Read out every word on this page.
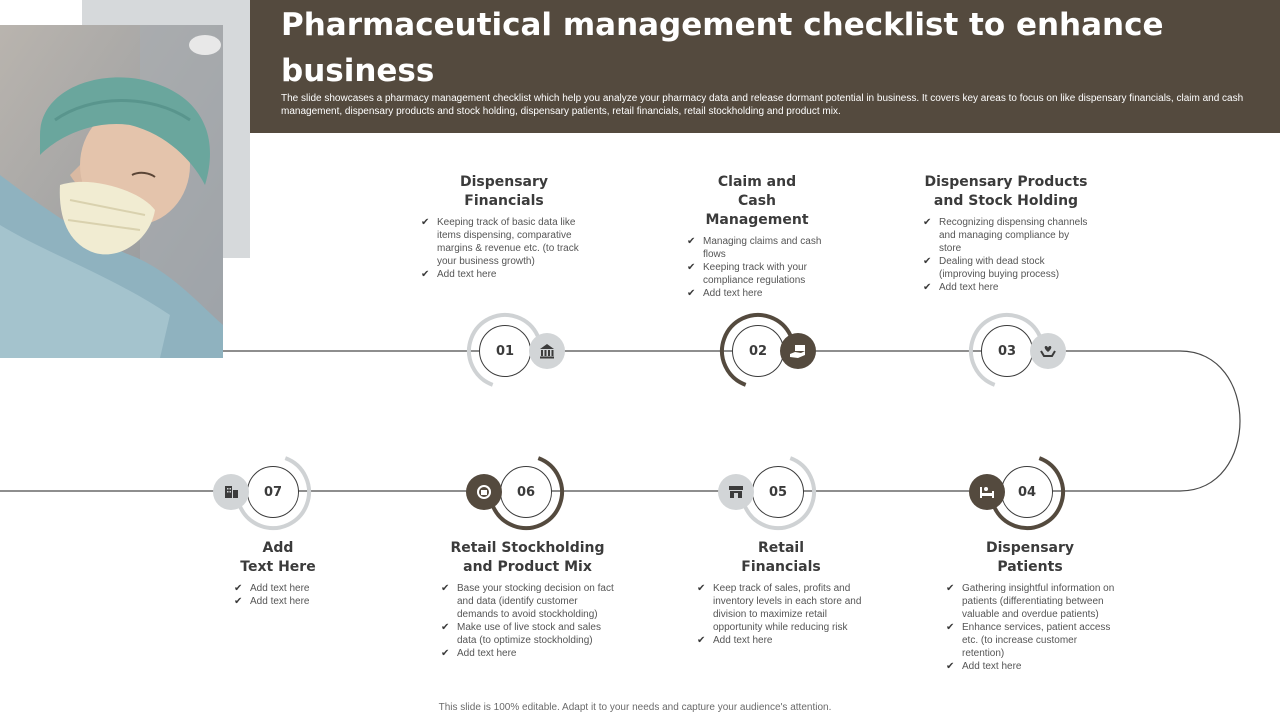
Pharmaceutical management checklist to enhance business
The slide showcases a pharmacy management checklist which help you analyze your pharmacy data and release dormant potential in business. It covers key areas to focus on like dispensary financials, claim and cash management, dispensary products and stock holding, dispensary patients, retail financials, retail stockholding and product mix.
01	02	03
04
05
06
07
Dispensary
Financials
✔ Keeping track of basic data like items dispensing, comparative margins & revenue etc. (to track your business growth)
✔ Add text here
Claim and
Cash Management
✔ Managing claims and cash flows
✔ Keeping track with your compliance regulations
✔ Add text here
Dispensary Products
and Stock Holding
✔ Recognizing dispensing channels and managing compliance by store
✔ Dealing with dead stock (improving buying process)
✔ Add text here
Dispensary
Patients
✔ Gathering insightful information on patients (differentiating between valuable and overdue patients)
✔ Enhance services, patient access etc. (to increase customer retention)
✔ Add text here
Retail
Financials
✔ Keep track of sales, profits and inventory levels in each store and division to maximize retail opportunity while reducing risk
✔ Add text here
Retail Stockholding
and Product Mix
✔ Base your stocking decision on fact and data (identify customer demands to avoid stockholding)
✔ Make use of live stock and sales data (to optimize stockholding)
✔ Add text here
Add
Text Here
✔ Add text here
✔ Add text here
This slide is 100% editable. Adapt it to your needs and capture your audience's attention.
